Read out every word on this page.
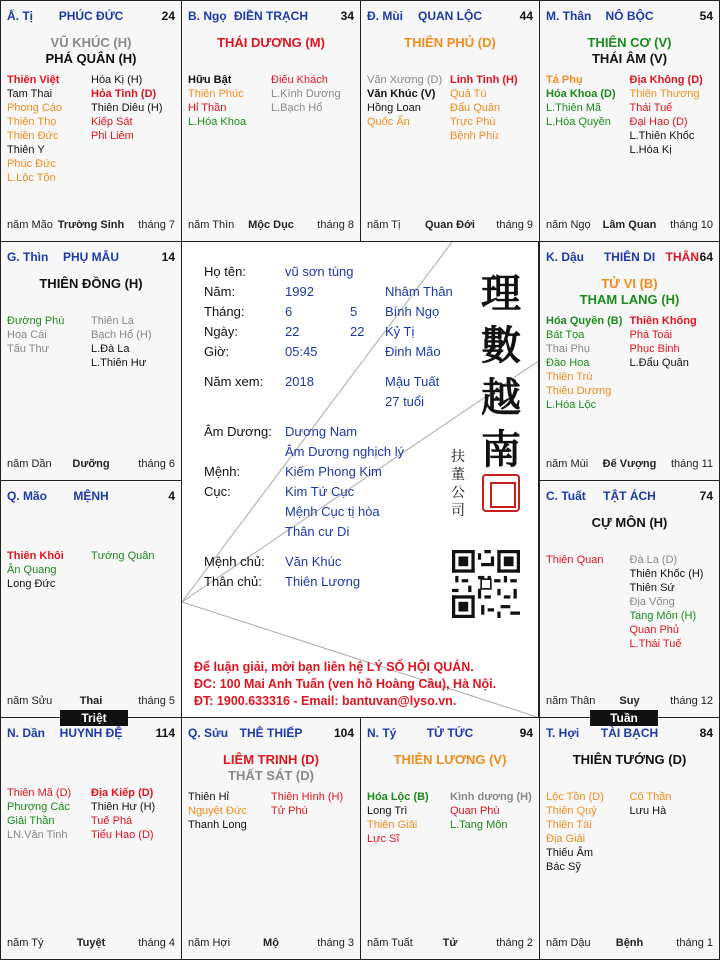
Ấ. Tị	PHÚC ĐỨC	24
VŨ KHÚC (H)
PHÁ QUÂN (H)
Thiên Việt
Tam Thai
Phong Cáo
Thiên Thọ
Thiên Đức
Thiên Y
Phúc Đức
L.Lộc Tồn
Hóa Kị (H)
Hỏa Tinh (D)
Thiên Diêu (H)
Kiếp Sát
Phi Liêm
năm Mão Trường Sinh	tháng 7
B. Ngọ ĐIỀN TRẠCH	34
THÁI DƯƠNG (M)
Hữu Bật
Thiên Phúc
Hỉ Thần
L.Hóa Khoa
Điếu Khách
L.Kình Dương
L.Bạch Hổ
năm Thìn	Mộc Dục	tháng 8
Đ. Mùi	QUAN LỘC	44
THIÊN PHỦ (D)
Văn Xương (D)
Văn Khúc (V)
Hồng Loan
Quốc Ấn
Linh Tinh (H)
Quả Tú
Đẩu Quân
Trực Phù
Bệnh Phù
năm Tị	Quan Đới	tháng 9
M. Thân	NÔ BỘC	54
THIÊN CƠ (V)
THÁI ÂM (V)
Tả Phụ
Hóa Khoa (D)
L.Thiên Mã
L.Hóa Quyền
Địa Không (D)
Thiên Thương
Thái Tuế
Đại Hao (D)
L.Thiên Khốc
L.Hóa Kị
năm Ngọ	Lâm Quan	tháng 10
G. Thìn	PHỤ MẪU	14
THIÊN ĐỒNG (H)
Đường Phù
Hoa Cái
Tấu Thư
Thiên La
Bạch Hổ (H)
L.Đà La
L.Thiên Hư
năm Dần	Dưỡng	tháng 6
K. Dậu	THIÊN DI THÂN 64
TỬ VI (B)
THAM LANG (H)
Hóa Quyền (B)
Bát Tọa
Thai Phụ
Đào Hoa
Thiên Trù
Thiếu Dương
L.Hóa Lộc
Thiên Khống
Phá Toái
Phục Binh
L.Đẩu Quân
năm Mùi	Đế Vượng	tháng 11
Q. Mão	MỆNH	4
Thiên Khôi
Ân Quang
Long Đức
Tướng Quân
năm Sửu	Thai	tháng 5
C. Tuất	TẬT ÁCH	74
CỰ MÔN (H)
Thiên Quan	Đà La (D)
Thiên Khốc (H)
Thiên Sứ
Địa Võng
Tang Môn (H)
Quan Phủ
L.Thái Tuế
năm Thân	Suy	tháng 12
N. Dần	HUYNH ĐỆ	114
Thiên Mã (D)
Phượng Các
Giải Thần
LN.Văn Tinh
Địa Kiếp (D)
Thiên Hư (H)
Tuế Phá
Tiểu Hao (D)
năm Tý	Tuyệt	tháng 4
Q. Sửu THÊ THIẾP	104
LIÊM TRINH (D)
THẤT SÁT (D)
Thiên Hỉ
Nguyệt Đức
Thanh Long
Thiên Hình (H)
Tử Phù
năm Hợi	Mộ	tháng 3
N. Tý	TỬ TỨC	94
THIÊN LƯƠNG (V)
Hóa Lộc (B)
Long Trì
Thiên Giải
Lực Sĩ
Kình dương (H)
Quan Phù
L.Tang Môn
năm Tuất	Tử	tháng 2
T. Hợi	TÀI BẠCH	84
THIÊN TƯỚNG (D)
Lộc Tồn (D)
Thiên Quý
Thiên Tài
Địa Giải
Thiếu Âm
Bác Sỹ
Cô Thần
Lưu Hà
năm Dậu	Bệnh	tháng 1
Họ tên:	vũ sơn tùng
Năm:	1992	Nhâm Thân
Tháng:	6	5 Bính Ngọ
Ngày:	22	22 Kỷ Tị
Giờ:	05:45	Đinh Mão
Năm xem: 2018	Mậu Tuất
27 tuổi
Âm Dương: Dương Nam
Âm Dương nghịch lý
Mệnh:	Kiếm Phong Kim
Cục:	Kim Tứ Cục
Mệnh Cục tị hòa
Thân cư Di
Mệnh chủ: Văn Khúc
Thân chủ: Thiên Lương
理
數
越
南
扶
董
公
司
Để luận giải, mời bạn liên hệ LÝ SỐ HỘI QUÁN.
ĐC: 100 Mai Anh Tuấn (ven hồ Hoàng Cầu), Hà Nội.
ĐT: 1900.633316 - Email: bantuvan@lyso.vn.
Triệt	Tuần
